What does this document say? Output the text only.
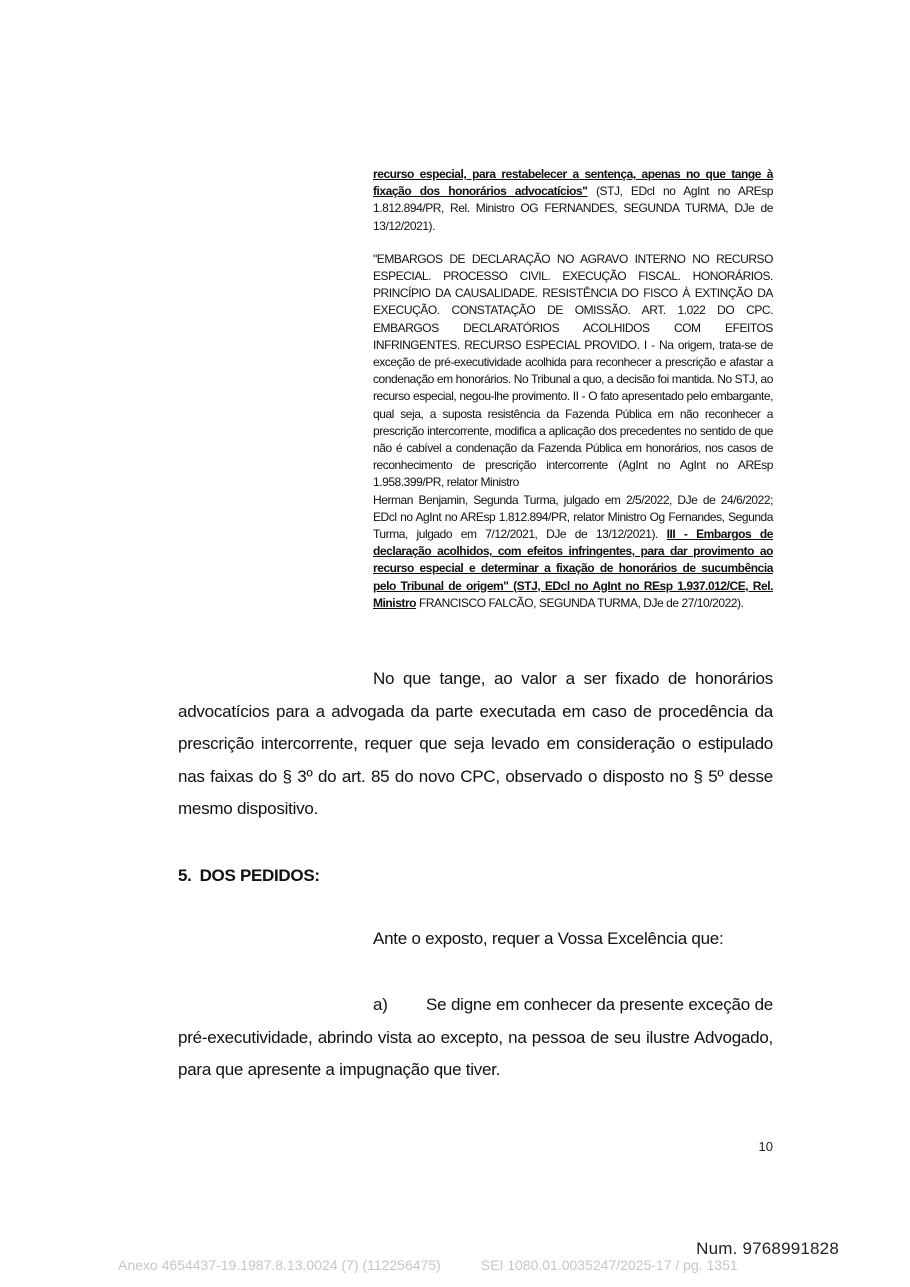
recurso especial, para restabelecer a sentença, apenas no que tange à fixação dos honorários advocatícios" (STJ, EDcl no AgInt no AREsp 1.812.894/PR, Rel. Ministro OG FERNANDES, SEGUNDA TURMA, DJe de 13/12/2021).

"EMBARGOS DE DECLARAÇÃO NO AGRAVO INTERNO NO RECURSO ESPECIAL. PROCESSO CIVIL. EXECUÇÃO FISCAL. HONORÁRIOS. PRINCÍPIO DA CAUSALIDADE. RESISTÊNCIA DO FISCO À EXTINÇÃO DA EXECUÇÃO. CONSTATAÇÃO DE OMISSÃO. ART. 1.022 DO CPC. EMBARGOS DECLARATÓRIOS ACOLHIDOS COM EFEITOS INFRINGENTES. RECURSO ESPECIAL PROVIDO. I - Na origem, trata-se de exceção de pré-executividade acolhida para reconhecer a prescrição e afastar a condenação em honorários. No Tribunal a quo, a decisão foi mantida. No STJ, ao recurso especial, negou-lhe provimento. II - O fato apresentado pelo embargante, qual seja, a suposta resistência da Fazenda Pública em não reconhecer a prescrição intercorrente, modifica a aplicação dos precedentes no sentido de que não é cabível a condenação da Fazenda Pública em honorários, nos casos de reconhecimento de prescrição intercorrente (AgInt no AgInt no AREsp 1.958.399/PR, relator Ministro

Herman Benjamin, Segunda Turma, julgado em 2/5/2022, DJe de 24/6/2022; EDcl no AgInt no AREsp 1.812.894/PR, relator Ministro Og Fernandes, Segunda Turma, julgado em 7/12/2021, DJe de 13/12/2021). III - Embargos de declaração acolhidos, com efeitos infringentes, para dar provimento ao recurso especial e determinar a fixação de honorários de sucumbência pelo Tribunal de origem" (STJ, EDcl no AgInt no REsp 1.937.012/CE, Rel. Ministro FRANCISCO FALCÃO, SEGUNDA TURMA, DJe de 27/10/2022).

No que tange, ao valor a ser fixado de honorários advocatícios para a advogada da parte executada em caso de procedência da prescrição intercorrente, requer que seja levado em consideração o estipulado nas faixas do § 3º do art. 85 do novo CPC, observado o disposto no § 5º desse mesmo dispositivo.

5. DOS PEDIDOS:

Ante o exposto, requer a Vossa Excelência que:

a) Se digne em conhecer da presente exceção de pré-executividade, abrindo vista ao excepto, na pessoa de seu ilustre Advogado, para que apresente a impugnação que tiver.

10
Num. 9768991828
Anexo 4654437-19.1987.8.13.0024 (7) (112256475)	SEI 1080.01.0035247/2025-17 / pg. 1351
